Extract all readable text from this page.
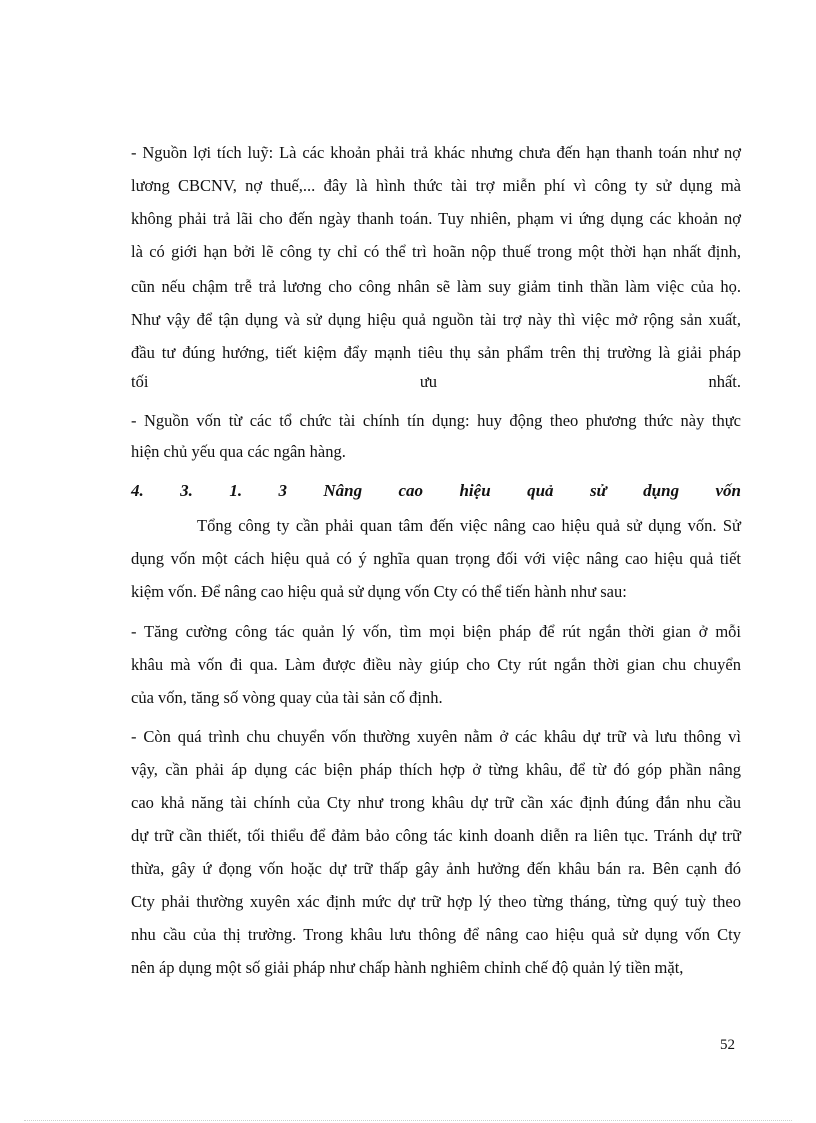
- Nguồn lợi tích luỹ: Là các khoản phải trả khác nhưng chưa đến hạn thanh toán như nợ
lương CBCNV, nợ thuế,... đây là hình thức tài trợ miễn phí vì công ty sử dụng mà
không phải trả lãi cho đến ngày thanh toán. Tuy nhiên, phạm vi ứng dụng các khoản nợ
là có giới hạn bởi lẽ công ty chỉ có thể trì hoãn nộp thuế trong một thời hạn nhất định,
cũn nếu chậm trễ trả lương cho công nhân sẽ làm suy giảm tinh thần làm việc của họ.
Như vậy để tận dụng và sử dụng hiệu quả nguồn tài trợ này thì việc mở rộng sản xuất,
đầu tư đúng hướng, tiết kiệm đẩy mạnh tiêu thụ sản phẩm trên thị trường là giải pháp
tối	ưu	nhất.
- Nguồn vốn từ các tổ chức tài chính tín dụng: huy động theo phương thức này thực
hiện chủ yếu qua các ngân hàng.
4. 3. 1. 3 Nâng cao hiệu quả sử dụng vốn
Tổng công ty cần phải quan tâm đến việc nâng cao hiệu quả sử dụng vốn. Sử
dụng vốn một cách hiệu quả có ý nghĩa quan trọng đối với việc nâng cao hiệu quả tiết
kiệm vốn. Để nâng cao hiệu quả sử dụng vốn Cty có thể tiến hành như sau:
- Tăng cường công tác quản lý vốn, tìm mọi biện pháp để rút ngắn thời gian ở mỗi
khâu mà vốn đi qua. Làm được điều này giúp cho Cty rút ngắn thời gian chu chuyển
của vốn, tăng số vòng quay của tài sản cố định.
- Còn quá trình chu chuyển vốn thường xuyên nằm ở các khâu dự trữ và lưu thông vì
vậy, cần phải áp dụng các biện pháp thích hợp ở từng khâu, để từ đó góp phần nâng
cao khả năng tài chính của Cty như trong khâu dự trữ cần xác định đúng đắn nhu cầu
dự trữ cần thiết, tối thiểu để đảm bảo công tác kinh doanh diễn ra liên tục. Tránh dự trữ
thừa, gây ứ đọng vốn hoặc dự trữ thấp gây ảnh hưởng đến khâu bán ra. Bên cạnh đó
Cty phải thường xuyên xác định mức dự trữ hợp lý theo từng tháng, từng quý tuỳ theo
nhu cầu của thị trường. Trong khâu lưu thông để nâng cao hiệu quả sử dụng vốn Cty
nên áp dụng một số giải pháp như chấp hành nghiêm chỉnh chế độ quản lý tiền mặt,
52
